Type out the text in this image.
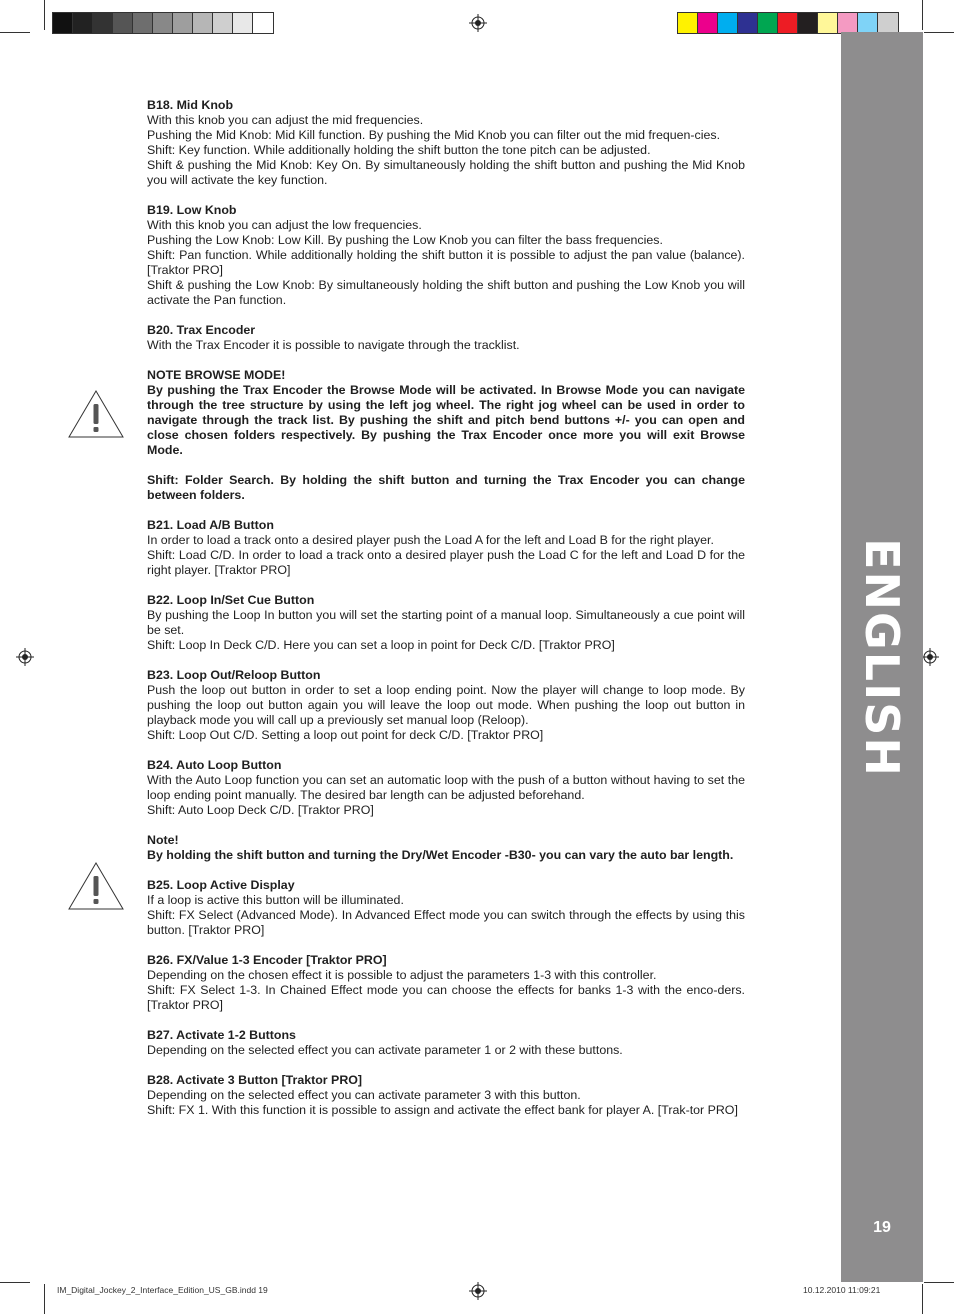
ENGLISH
19
B18. Mid Knob

With this knob you can adjust the mid frequencies.

Pushing the Mid Knob: Mid Kill function. By pushing the Mid Knob you can filter out the mid frequen-cies.

Shift: Key function. While additionally holding the shift button the tone pitch can be adjusted.

Shift & pushing the Mid Knob: Key On. By simultaneously holding the shift button and pushing the Mid Knob you will activate the key function.

B19. Low Knob

With this knob you can adjust the low frequencies.

Pushing the Low Knob: Low Kill. By pushing the Low Knob you can filter the bass frequencies.

Shift: Pan function. While additionally holding the shift button it is possible to adjust the pan value (balance).[Traktor PRO]

Shift & pushing the Low Knob: By simultaneously holding the shift button and pushing the Low Knob you will activate the Pan function.

B20. Trax Encoder

With the Trax Encoder it is possible to navigate through the tracklist.

NOTE BROWSE MODE!

By pushing the Trax Encoder the Browse Mode will be activated. In Browse Mode you can navigate through the tree structure by using the left jog wheel. The right jog wheel can be used in order to navigate through the track list. By pushing the shift and pitch bend buttons +/- you can open and close chosen folders respectively. By pushing the Trax Encoder once more you will exit Browse Mode.

Shift: Folder Search. By holding the shift button and turning the Trax Encoder you can change between folders.

B21. Load A/B Button

In order to load a track onto a desired player push the Load A for the left and Load B for the right player.

Shift: Load C/D. In order to load a track onto a desired player push the Load C for the left and Load D for the right player. [Traktor PRO]

B22. Loop In/Set Cue Button

By pushing the Loop In button you will set the starting point of a manual loop. Simultaneously a cue point will be set.

Shift: Loop In Deck C/D. Here you can set a loop in point for Deck C/D. [Traktor PRO]

B23. Loop Out/Reloop Button

Push the loop out button in order to set a loop ending point. Now the player will change to loop mode. By pushing the loop out button again you will leave the loop out mode. When pushing the loop out button in playback mode you will call up a previously set manual loop (Reloop).

Shift: Loop Out C/D. Setting a loop out point for deck C/D. [Traktor PRO]

B24. Auto Loop Button

With the Auto Loop function you can set an automatic loop with the push of a button without having to set the loop ending point manually. The desired bar length can be adjusted beforehand.

Shift: Auto Loop Deck C/D. [Traktor PRO]

Note!

By holding the shift button and turning the Dry/Wet Encoder -B30- you can vary the auto bar length.

B25. Loop Active Display

If a loop is active this button will be illuminated.

Shift: FX Select (Advanced Mode). In Advanced Effect mode you can switch through the effects by using this button. [Traktor PRO]

B26. FX/Value 1-3 Encoder [Traktor PRO]

Depending on the chosen effect it is possible to adjust the parameters 1-3 with this controller.

Shift: FX Select 1-3. In Chained Effect mode you can choose the effects for banks 1-3 with the enco-ders. [Traktor PRO]

B27. Activate 1-2 Buttons

Depending on the selected effect you can activate parameter 1 or 2 with these buttons.

B28. Activate 3 Button [Traktor PRO]

Depending on the selected effect you can activate parameter 3 with this button.

Shift: FX 1. With this function it is possible to assign and activate the effect bank for player A. [Trak-tor PRO]

IM_Digital_Jockey_2_Interface_Edition_US_GB.indd 19	10.12.2010 11:09:21
